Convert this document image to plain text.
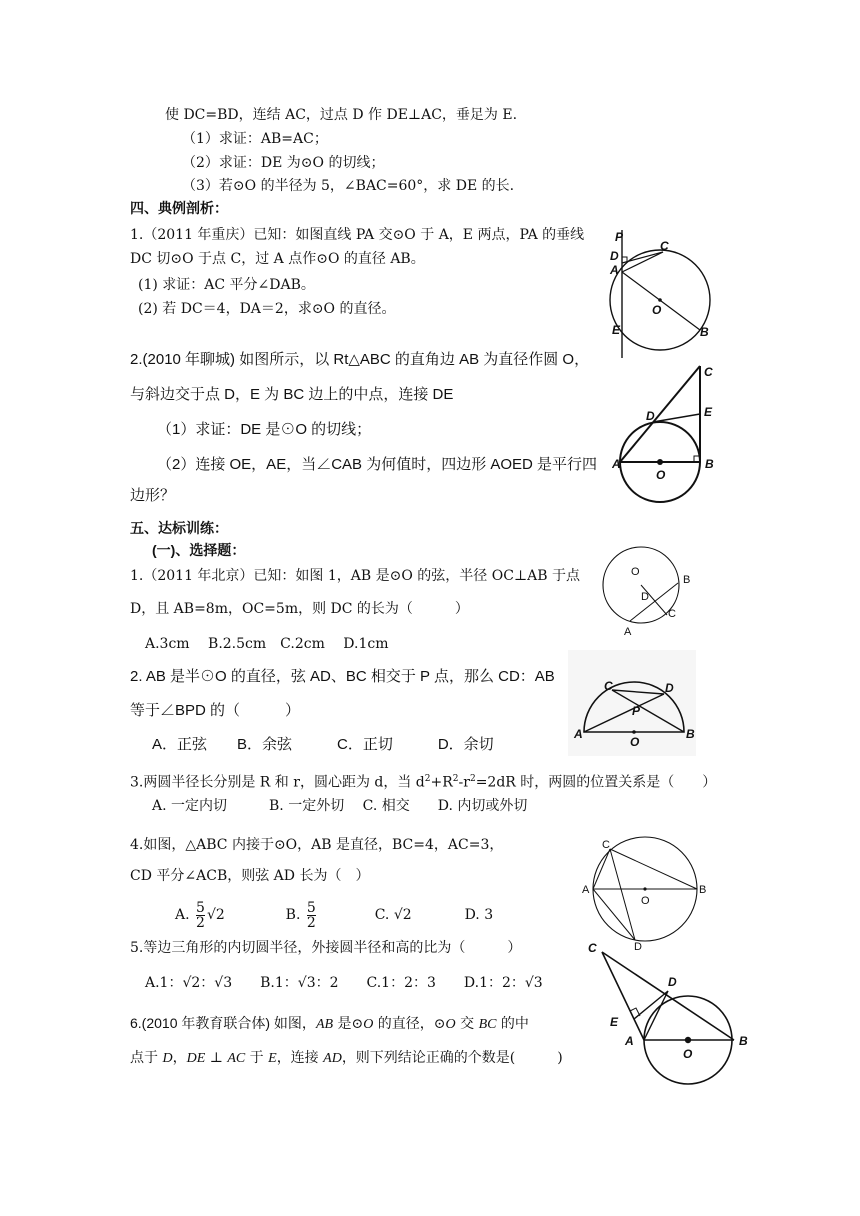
使 DC=BD，连结 AC，过点 D 作 DE⊥AC，垂足为 E.
（1）求证：AB=AC；
（2）求证：DE 为⊙O 的切线；
（3）若⊙O 的半径为 5，∠BAC=60°，求 DE 的长.
四、典例剖析：
1.（2011 年重庆）已知：如图直线 PA 交⊙O 于 A，E 两点，PA 的垂线
DC 切⊙O 于点 C，过 A 点作⊙O 的直径 AB。
(1) 求证：AC 平分∠DAB。
(2) 若 DC＝4，DA＝2，求⊙O 的直径。
P
D
A
C
O
E	B
2.(2010 年聊城) 如图所示，以 Rt△ABC 的直角边 AB 为直径作圆 O，
与斜边交于点 D，E 为 BC 边上的中点，连接 DE
（1）求证：DE 是⊙O 的切线；
（2）连接 OE，AE，当∠CAB 为何值时，四边形 AOED 是平行四
边形？
C
D	E
A
O
B
五、达标训练：
(一)、选择题：
1.（2011 年北京）已知：如图 1，AB 是⊙O 的弦，半径 OC⊥AB 于点
D，且 AB=8m，OC=5m，则 DC 的长为（　　　）
A.3cm　 B.2.5cm　C.2cm　 D.1cm
O
B
D
C
A
2. AB 是半⊙O 的直径，弦 AD、BC 相交于 P 点，那么 CD：AB
等于∠BPD 的（　　　）
A．正弦　　B．余弦　　　C．正切　　　D．余切
C	D
P
A
O
B
3.两圆半径长分别是 R 和 r，圆心距为 d，当 $d^2+R^2-r^2=2dR$ 时，两圆的位置关系是（　　）
A. 一定内切　　　B. 一定外切　 C. 相交　　D. 内切或外切
4.如图，△ABC 内接于⊙O，AB 是直径，BC=4，AC=3，
CD 平分∠ACB，则弦 AD 长为（　）
A. $\frac{5}{2} √2$	B. $\frac{5}{2}$	C. √2	D. 3
C
A
O
B
D
5.等边三角形的内切圆半径，外接圆半径和高的比为（　　　）
A.1：√2：√3　　B.1：√3：2　　C.1：2：3　　D.1：2：√3
C
D
E
A
O
B
6.(2010 年教育联合体) 如图，AB 是⊙O 的直径，⊙O 交 BC 的中
点于 D，DE ⊥ AC 于 E，连接 AD，则下列结论正确的个数是(　　　)
